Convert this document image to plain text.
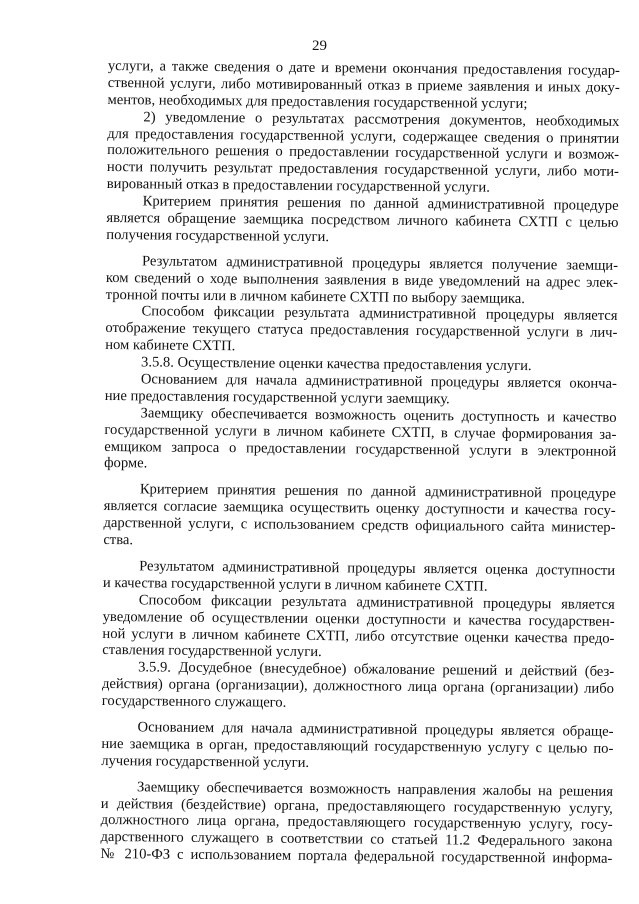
29
услуги, а также сведения о дате и времени окончания предоставления государ-
ственной услуги, либо мотивированный отказ в приеме заявления и иных доку-
ментов, необходимых для предоставления государственной услуги;
2) уведомление о результатах рассмотрения документов, необходимых
для предоставления государственной услуги, содержащее сведения о принятии
положительного решения о предоставлении государственной услуги и возмож-
ности получить результат предоставления государственной услуги, либо моти-
вированный отказ в предоставлении государственной услуги.
Критерием принятия решения по данной административной процедуре
является обращение заемщика посредством личного кабинета СХТП с целью
получения государственной услуги.
Результатом административной процедуры является получение заемщи-
ком сведений о ходе выполнения заявления в виде уведомлений на адрес элек-
тронной почты или в личном кабинете СХТП по выбору заемщика.
Способом фиксации результата административной процедуры является
отображение текущего статуса предоставления государственной услуги в лич-
ном кабинете СХТП.
3.5.8. Осуществление оценки качества предоставления услуги.
Основанием для начала административной процедуры является оконча-
ние предоставления государственной услуги заемщику.
Заемщику обеспечивается возможность оценить доступность и качество
государственной услуги в личном кабинете СХТП, в случае формирования за-
емщиком запроса о предоставлении государственной услуги в электронной
форме.
Критерием принятия решения по данной административной процедуре
является согласие заемщика осуществить оценку доступности и качества госу-
дарственной услуги, с использованием средств официального сайта министер-
ства.
Результатом административной процедуры является оценка доступности
и качества государственной услуги в личном кабинете СХТП.
Способом фиксации результата административной процедуры является
уведомление об осуществлении оценки доступности и качества государствен-
ной услуги в личном кабинете СХТП, либо отсутствие оценки качества предо-
ставления государственной услуги.
3.5.9. Досудебное (внесудебное) обжалование решений и действий (без-
действия) органа (организации), должностного лица органа (организации) либо
государственного служащего.
Основанием для начала административной процедуры является обраще-
ние заемщика в орган, предоставляющий государственную услугу с целью по-
лучения государственной услуги.
Заемщику обеспечивается возможность направления жалобы на решения
и действия (бездействие) органа, предоставляющего государственную услугу,
должностного лица органа, предоставляющего государственную услугу, госу-
дарственного служащего в соответствии со статьей 11.2 Федерального закона
№ 210-ФЗ с использованием портала федеральной государственной информа-
